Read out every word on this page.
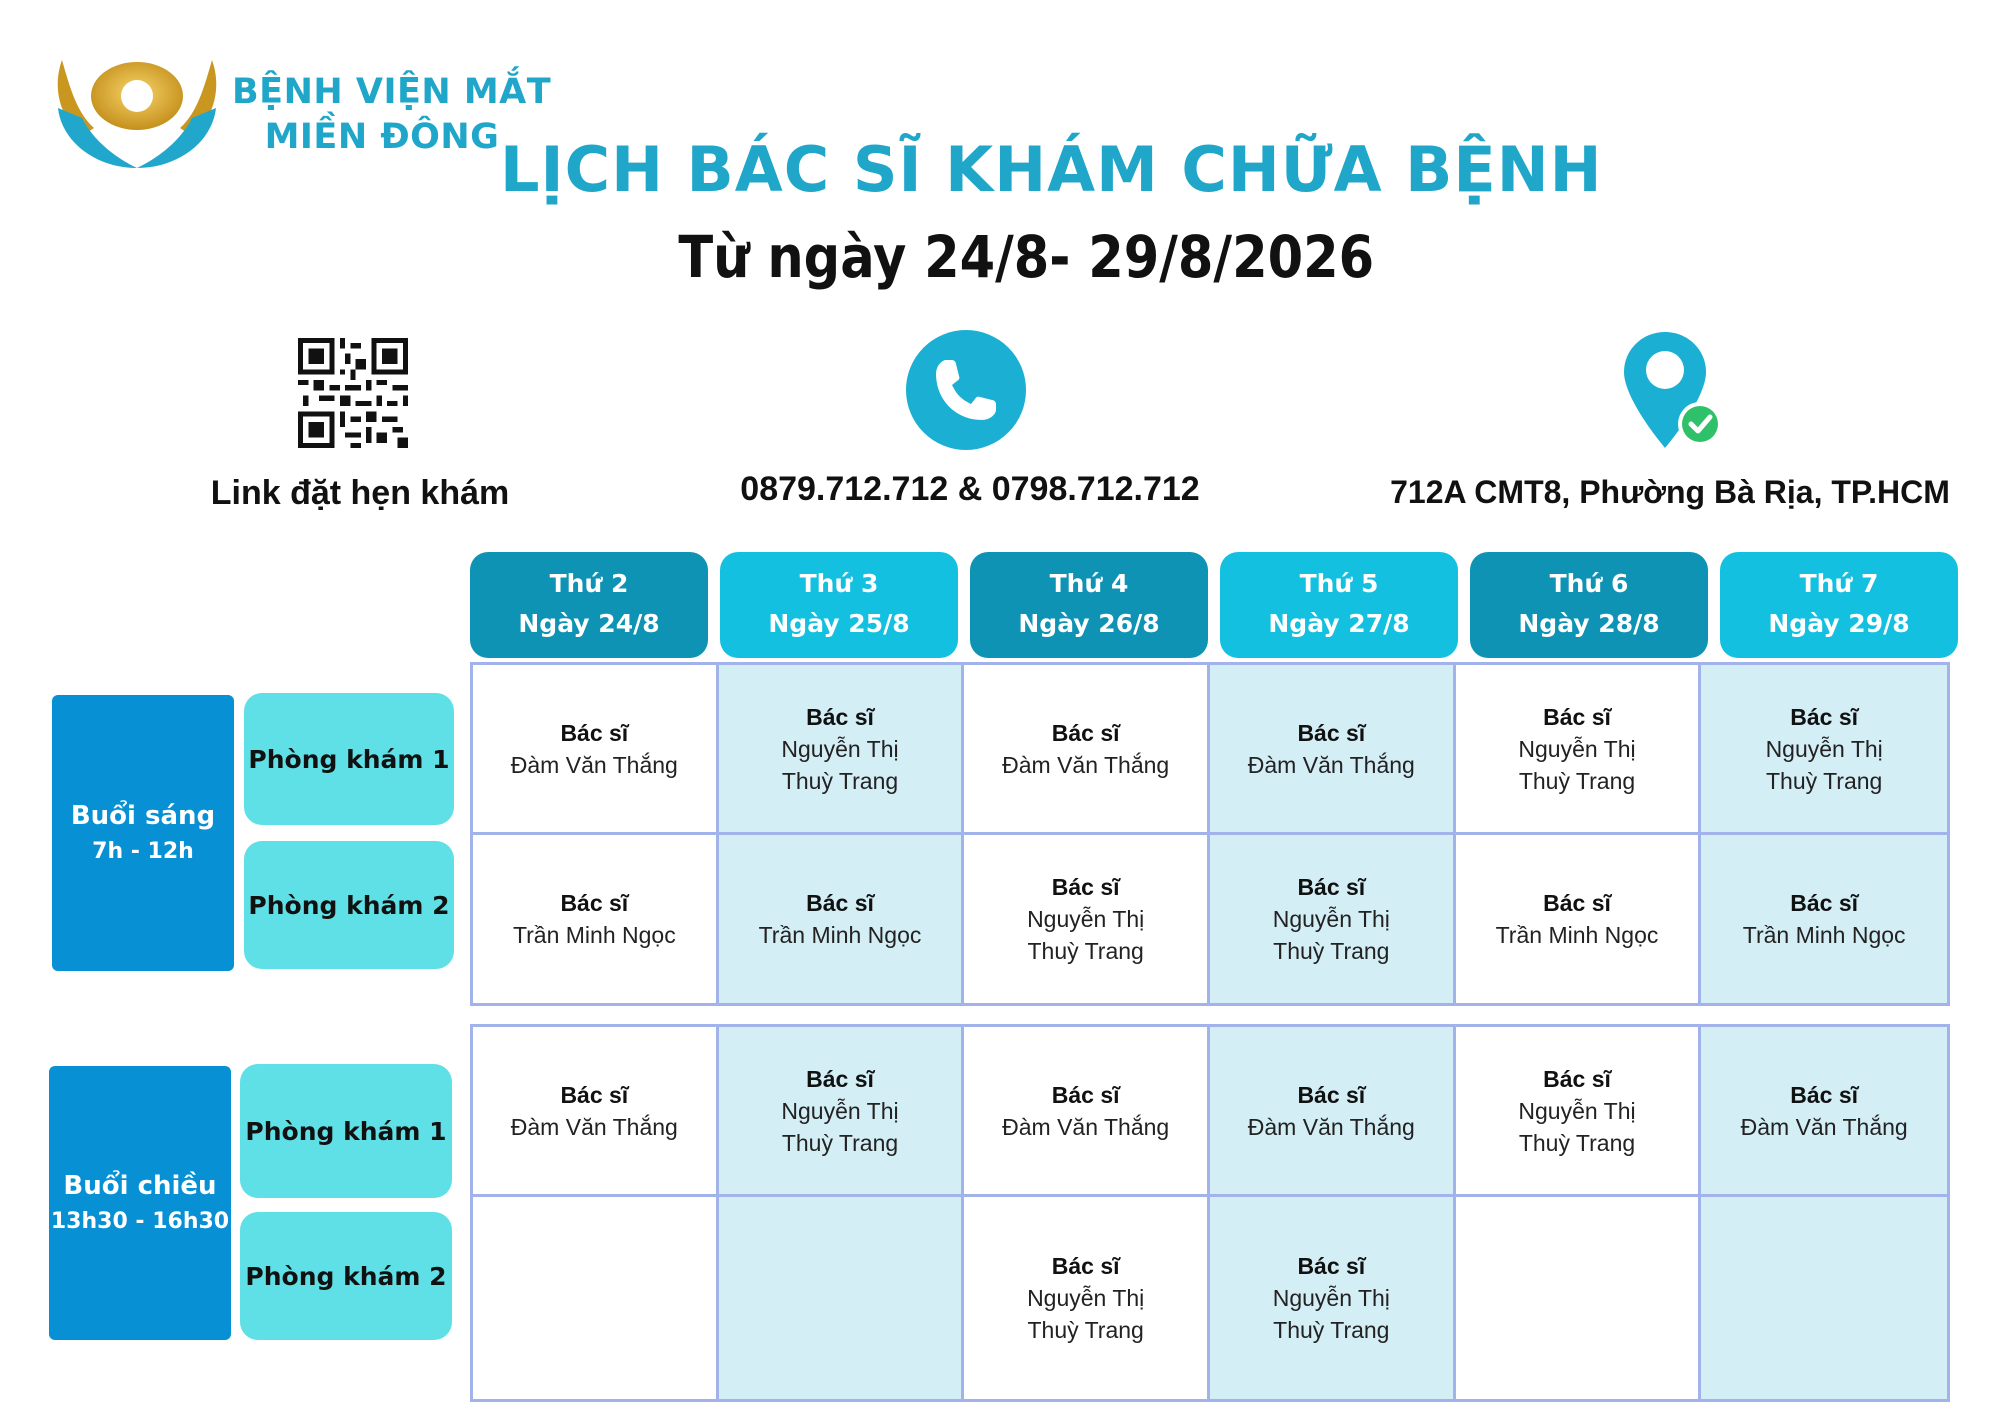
BỆNH VIỆN MẮT
MIỀN ĐÔNG LỊCH BÁC SĨ KHÁM CHỮA BỆNH
Từ ngày 24/8- 29/8/2026
Link đặt hẹn khám	0879.712.712 & 0798.712.712	712A CMT8, Phường Bà Rịa, TP.HCM
Thứ 2
Ngày 24/8
Thứ 3
Ngày 25/8
Thứ 4
Ngày 26/8
Thứ 5
Ngày 27/8
Thứ 6
Ngày 28/8
Thứ 7
Ngày 29/8
Buổi sáng
7h - 12h
Phòng khám 1
Phòng khám 2
Buổi chiều
13h30 - 16h30
Phòng khám 1
Phòng khám 2
Bác sĩ
Đàm Văn Thắng
Bác sĩ
Nguyễn Thị
Thuỳ Trang
Bác sĩ
Đàm Văn Thắng
Bác sĩ
Đàm Văn Thắng
Bác sĩ
Nguyễn Thị
Thuỳ Trang
Bác sĩ
Nguyễn Thị
Thuỳ Trang
Bác sĩ
Trần Minh Ngọc
Bác sĩ
Trần Minh Ngọc
Bác sĩ
Nguyễn Thị
Thuỳ Trang
Bác sĩ
Nguyễn Thị
Thuỳ Trang
Bác sĩ
Trần Minh Ngọc
Bác sĩ
Trần Minh Ngọc
Bác sĩ
Đàm Văn Thắng
Bác sĩ
Nguyễn Thị
Thuỳ Trang
Bác sĩ
Đàm Văn Thắng
Bác sĩ
Đàm Văn Thắng
Bác sĩ
Nguyễn Thị
Thuỳ Trang
Bác sĩ
Đàm Văn Thắng
Bác sĩ
Nguyễn Thị
Thuỳ Trang
Bác sĩ
Nguyễn Thị
Thuỳ Trang
